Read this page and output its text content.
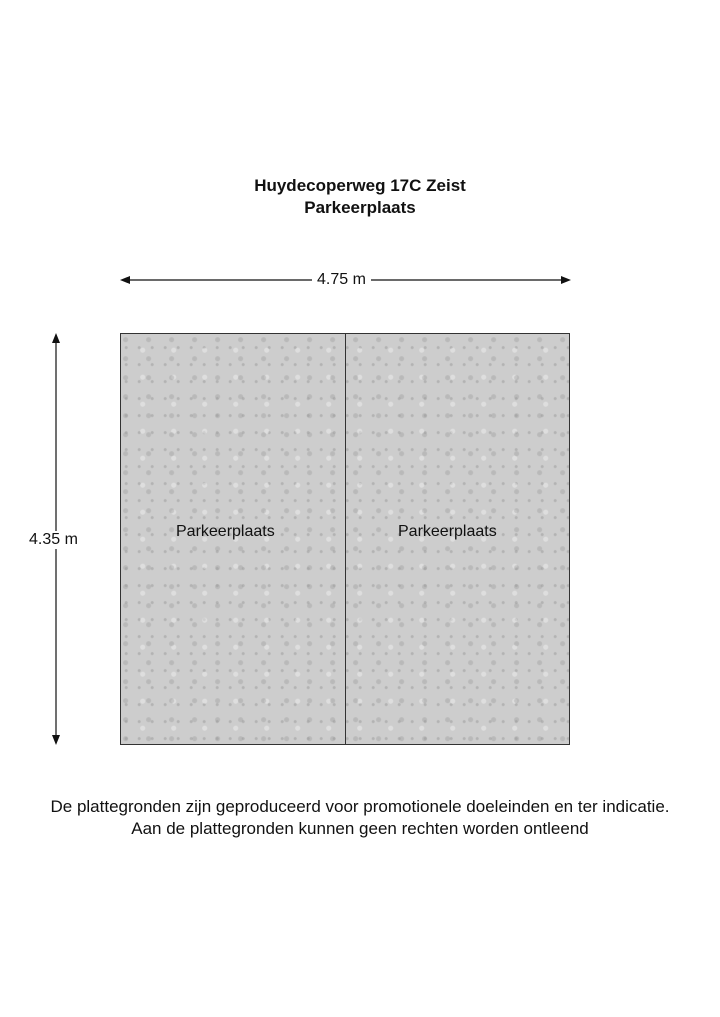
Huydecoperweg 17C Zeist
Parkeerplaats
4.75 m
4.35 m	Parkeerplaats	Parkeerplaats
De plattegronden zijn geproduceerd voor promotionele doeleinden en ter indicatie.
Aan de plattegronden kunnen geen rechten worden ontleend
